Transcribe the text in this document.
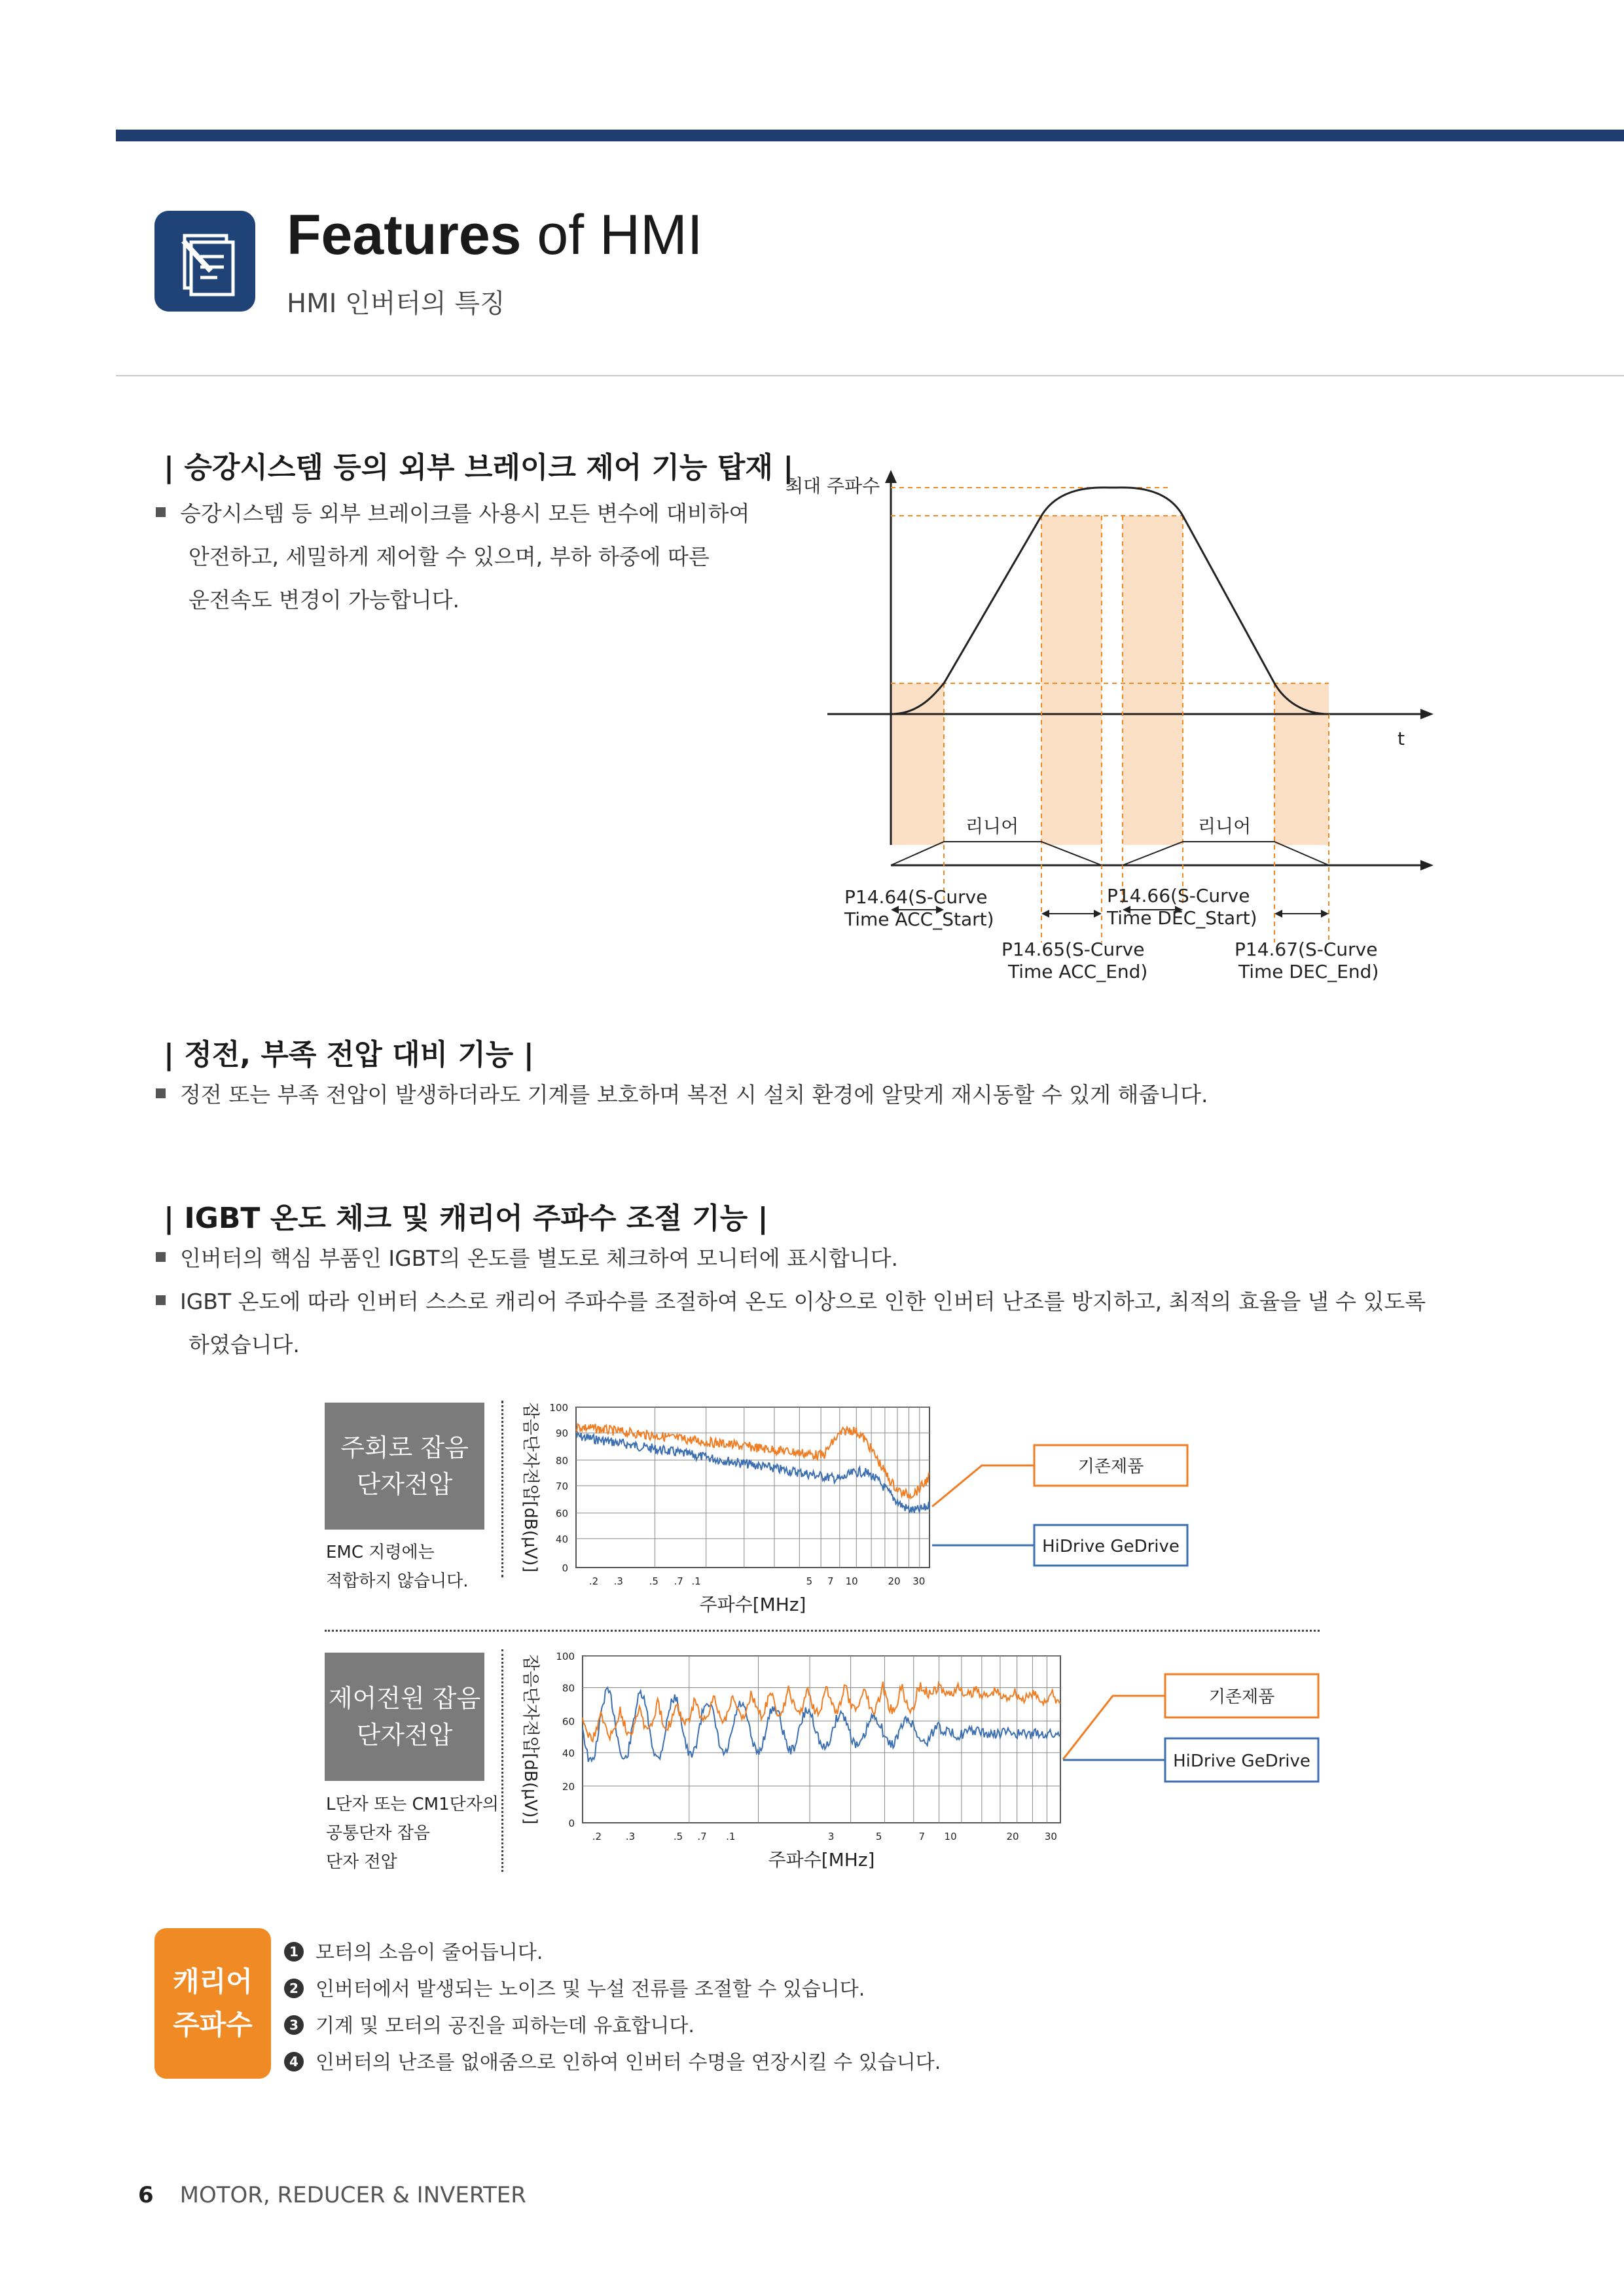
Features of HMI
HMI 인버터의 특징
| 승강시스템 등의 외부 브레이크 제어 기능 탑재 |
승강시스템 등 외부 브레이크를 사용시 모든 변수에 대비하여
안전하고, 세밀하게 제어할 수 있으며, 부하 하중에 따른
운전속도 변경이 가능합니다.
최대 주파수
t
리니어	리니어
P14.64(S-Curve
Time ACC_Start)
P14.65(S-Curve
Time ACC_End)
P14.66(S-Curve
Time DEC_Start)
P14.67(S-Curve
Time DEC_End)
| 정전, 부족 전압 대비 기능 |
정전 또는 부족 전압이 발생하더라도 기계를 보호하며 복전 시 설치 환경에 알맞게 재시동할 수 있게 해줍니다.
| IGBT 온도 체크 및 캐리어 주파수 조절 기능 |
인버터의 핵심 부품인 IGBT의 온도를 별도로 체크하여 모니터에 표시합니다.
IGBT 온도에 따라 인버터 스스로 캐리어 주파수를 조절하여 온도 이상으로 인한 인버터 난조를 방지하고, 최적의 효율을 낼 수 있도록
하였습니다.
주회로 잡음 단자전압
EMC 지령에는
적합하지 않습니다.
100
90
80
70
60
40
0
.2 .3	.5 .7 .1	5 7 10	20 30
주파수[MHz]
잡음단자전압[dB(μV)]	기존제품
HiDrive GeDrive
제어전원 잡음 단자전압
L단자 또는 CM1단자의
공통단자 잡음
단자 전압
100
80
60
40
20
0
.2 .3	.5 .7 .1	3	5	7 10	20	30
주파수[MHz]
잡음단자전압[dB(μV)]	기존제품
HiDrive GeDrive
캐리어
주파수
1 모터의 소음이 줄어듭니다.
2 인버터에서 발생되는 노이즈 및 누설 전류를 조절할 수 있습니다.
3 기계 및 모터의 공진을 피하는데 유효합니다.
4 인버터의 난조를 없애줌으로 인하여 인버터 수명을 연장시킬 수 있습니다.
6 MOTOR, REDUCER & INVERTER
